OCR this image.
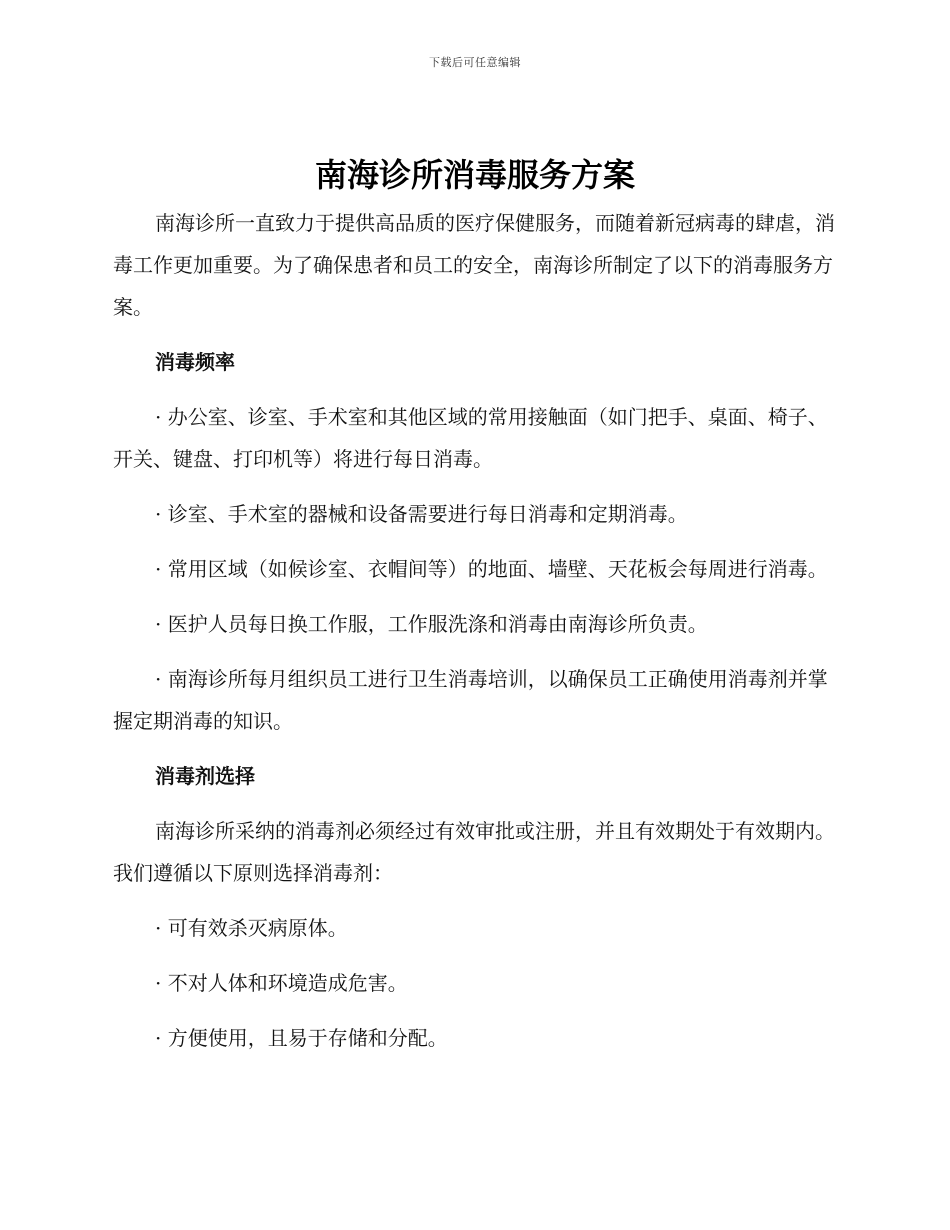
下载后可任意编辑
南海诊所消毒服务方案

南海诊所一直致力于提供高品质的医疗保健服务，而随着新冠病毒的肆虐，消毒工作更加重要。为了确保患者和员工的安全，南海诊所制定了以下的消毒服务方案。

消毒频率

· 办公室、诊室、手术室和其他区域的常用接触面（如门把手、桌面、椅子、开关、键盘、打印机等）将进行每日消毒。

· 诊室、手术室的器械和设备需要进行每日消毒和定期消毒。

· 常用区域（如候诊室、衣帽间等）的地面、墙壁、天花板会每周进行消毒。

· 医护人员每日换工作服，工作服洗涤和消毒由南海诊所负责。

· 南海诊所每月组织员工进行卫生消毒培训，以确保员工正确使用消毒剂并掌握定期消毒的知识。

消毒剂选择

南海诊所采纳的消毒剂必须经过有效审批或注册，并且有效期处于有效期内。我们遵循以下原则选择消毒剂：

· 可有效杀灭病原体。

· 不对人体和环境造成危害。

· 方便使用，且易于存储和分配。
